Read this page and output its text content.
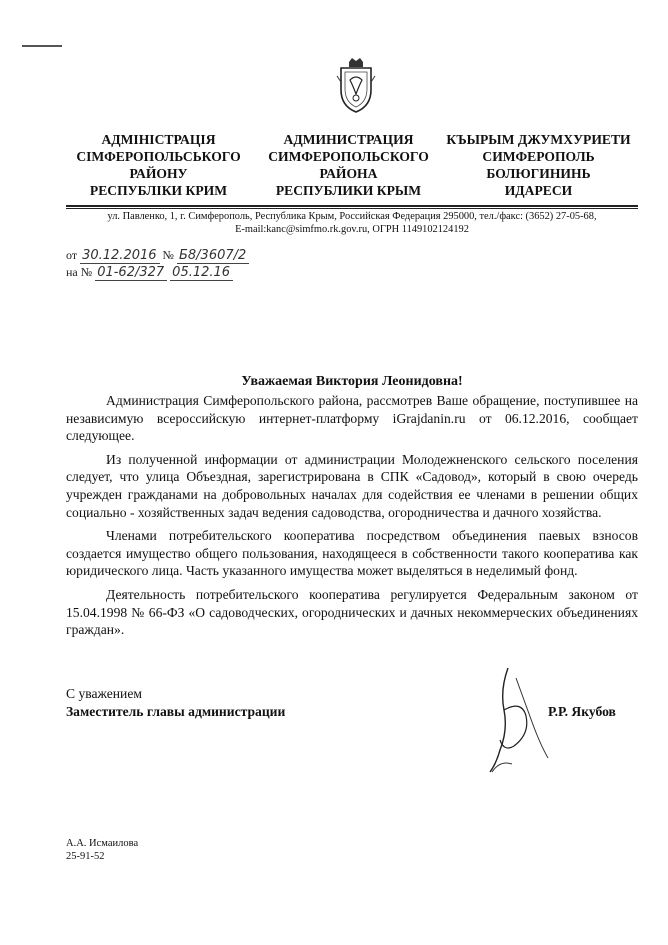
АДМІНІСТРАЦІЯ
СІМФЕРОПОЛЬСЬКОГО
РАЙОНУ
РЕСПУБЛІКИ КРИМ
АДМИНИСТРАЦИЯ
СИМФЕРОПОЛЬСКОГО
РАЙОНА
РЕСПУБЛИКИ КРЫМ
КЪЫРЫМ ДЖУМХУРИЕТИ
СИМФЕРОПОЛЬ
БОЛЮГИНИНЬ
ИДАРЕСИ
ул. Павленко, 1, г. Симферополь, Республика Крым, Российская Федерация 295000, тел./факс: (3652) 27-05-68,
E-mail:kanc@simfmo.rk.gov.ru, ОГРН 1149102124192
от 30.12.2016 № Б8/3607/2
на № 01-62/327 05.12.16
Уважаемая Виктория Леонидовна!

Администрация Симферопольского района, рассмотрев Ваше обращение, поступившее на независимую всероссийскую интернет-платформу iGrajdanin.ru от 06.12.2016, сообщает следующее.

Из полученной информации от администрации Молодежненского сельского поселения следует, что улица Объездная, зарегистрирована в СПК «Садовод», который в свою очередь учрежден гражданами на добровольных началах для содействия ее членами в решении общих социально - хозяйственных задач ведения садоводства, огородничества и дачного хозяйства.

Членами потребительского кооператива посредством объединения паевых взносов создается имущество общего пользования, находящееся в собственности такого кооператива как юридического лица. Часть указанного имущества может выделяться в неделимый фонд.

Деятельность потребительского кооператива регулируется Федеральным законом от 15.04.1998 № 66-ФЗ «О садоводческих, огороднических и дачных некоммерческих объединениях граждан».

С уважением
Заместитель главы администрации	Р.Р. Якубов
А.А. Исмаилова
25-91-52
